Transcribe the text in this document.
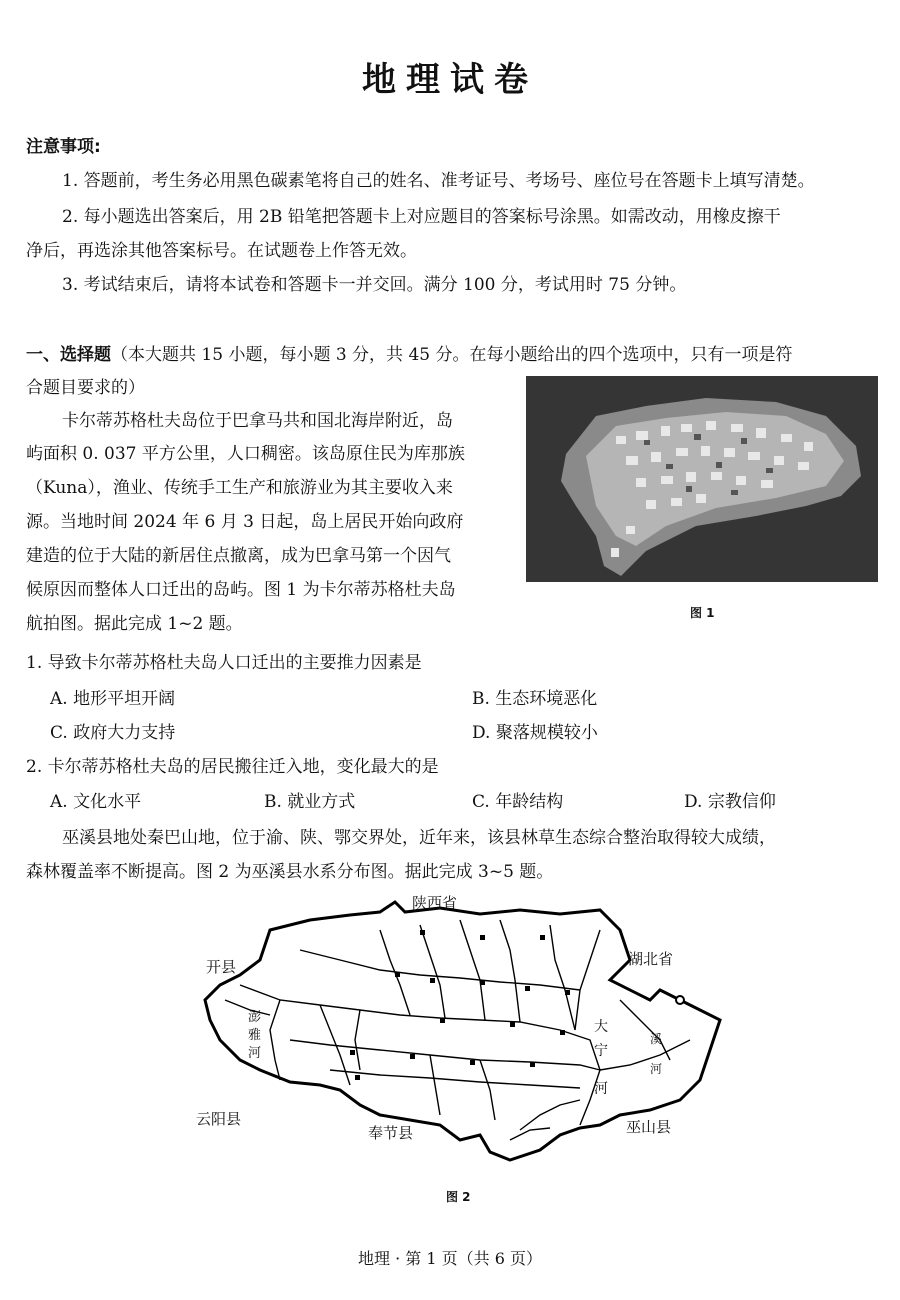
地理试卷
注意事项:
1. 答题前，考生务必用黑色碳素笔将自己的姓名、准考证号、考场号、座位号在答题卡上填写清楚。
2. 每小题选出答案后，用 2B 铅笔把答题卡上对应题目的答案标号涂黑。如需改动，用橡皮擦干
净后，再选涂其他答案标号。在试题卷上作答无效。
3. 考试结束后，请将本试卷和答题卡一并交回。满分 100 分，考试用时 75 分钟。
一、选择题（本大题共 15 小题，每小题 3 分，共 45 分。在每小题给出的四个选项中，只有一项是符
合题目要求的）
卡尔蒂苏格杜夫岛位于巴拿马共和国北海岸附近，岛
屿面积 0. 037 平方公里，人口稠密。该岛原住民为库那族
（Kuna），渔业、传统手工生产和旅游业为其主要收入来
源。当地时间 2024 年 6 月 3 日起，岛上居民开始向政府
建造的位于大陆的新居住点撤离，成为巴拿马第一个因气
候原因而整体人口迁出的岛屿。图 1 为卡尔蒂苏格杜夫岛
航拍图。据此完成 1~2 题。
图 1
1. 导致卡尔蒂苏格杜夫岛人口迁出的主要推力因素是
A. 地形平坦开阔	B. 生态环境恶化
C. 政府大力支持	D. 聚落规模较小
2. 卡尔蒂苏格杜夫岛的居民搬往迁入地，变化最大的是
A. 文化水平	B. 就业方式	C. 年龄结构	D. 宗教信仰
巫溪县地处秦巴山地，位于渝、陕、鄂交界处，近年来，该县林草生态综合整治取得较大成绩，
森林覆盖率不断提高。图 2 为巫溪县水系分布图。据此完成 3~5 题。
陕西省
湖北省
开县
云阳县
奉节县	巫山县
澎
雅
河
大
宁
河
溪
河
图 2
地理 · 第 1 页（共 6 页）
